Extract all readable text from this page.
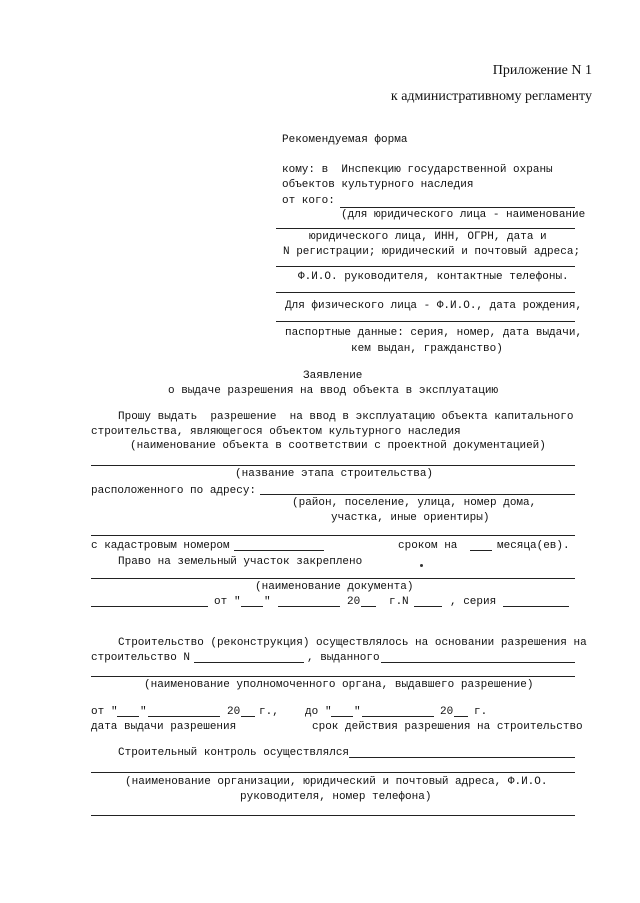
Приложение N 1
к административному регламенту
Рекомендуемая форма
кому: в  Инспекцию государственной охраны
объектов культурного наследия
от кого:
(для юридического лица - наименование
юридического лица, ИНН, ОГРН, дата и
N регистрации; юридический и почтовый адреса;
Ф.И.О. руководителя, контактные телефоны.
Для физического лица - Ф.И.О., дата рождения,
паспортные данные: серия, номер, дата выдачи,
кем выдан, гражданство)
Заявление
о выдаче разрешения на ввод объекта в эксплуатацию
Прошу выдать  разрешение  на ввод в эксплуатацию объекта капитального
строительства, являющегося объектом культурного наследия
(наименование объекта в соответствии с проектной документацией)
(название этапа строительства)
расположенного по адресу:
(район, поселение, улица, номер дома,
участка, иные ориентиры)
с кадастровым номером	сроком на	месяца(ев).
Право на земельный участок закреплено
(наименование документа)
от " "	20	г. N	, серия
Строительство (реконструкция) осуществлялось на основании разрешения на
строительство N	, выданного
(наименование уполномоченного органа, выдавшего разрешение)
от " "	20 г., до " "	20 г.
дата выдачи разрешения	срок действия разрешения на строительство
Строительный контроль осуществлялся
(наименование организации, юридический и почтовый адреса, Ф.И.О.
руководителя, номер телефона)
